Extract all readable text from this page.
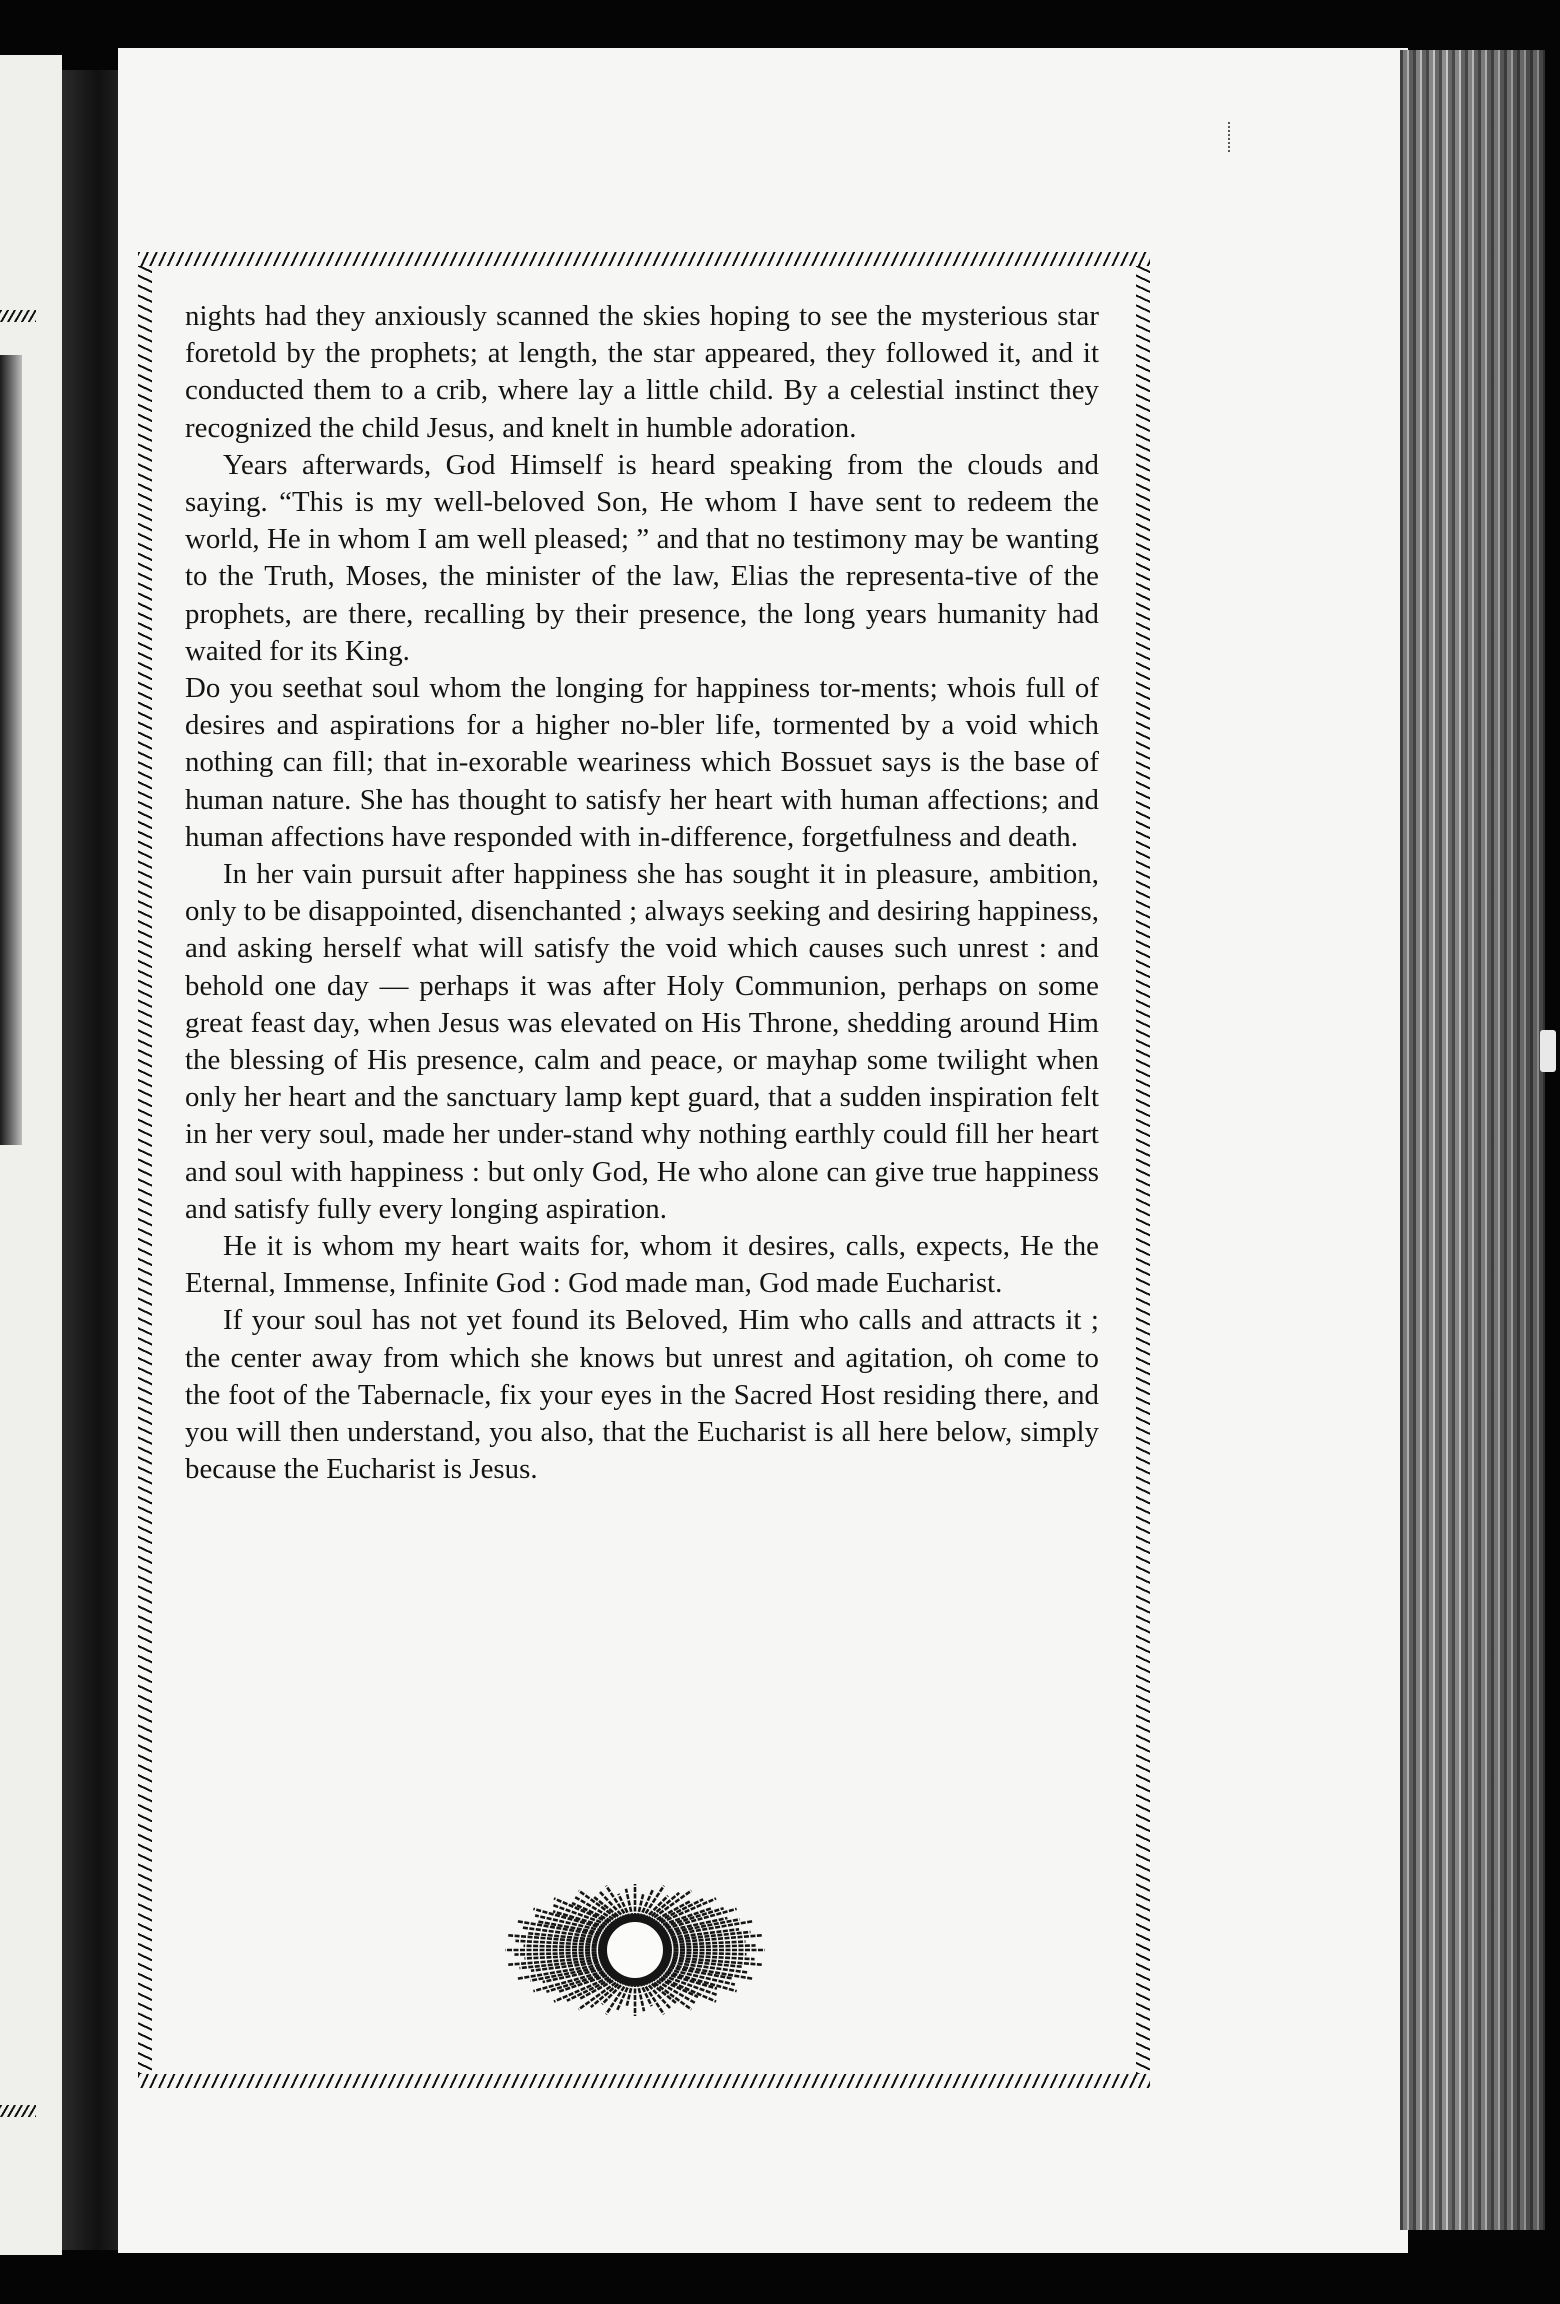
nights had they anxiously scanned the skies hoping to see the mysterious star foretold by the prophets; at length, the star appeared, they followed it, and it conducted them to a crib, where lay a little child. By a celestial instinct they recognized the child Jesus, and knelt in humble adoration.

Years afterwards, God Himself is heard speaking from the clouds and saying. “This is my well-beloved Son, He whom I have sent to redeem the world, He in whom I am well pleased; ” and that no testimony may be wanting to the Truth, Moses, the minister of the law, Elias the representa-tive of the prophets, are there, recalling by their presence, the long years humanity had waited for its King.

Do you seethat soul whom the longing for happiness tor-ments; whois full of desires and aspirations for a higher no-bler life, tormented by a void which nothing can fill; that in-exorable weariness which Bossuet says is the base of human nature. She has thought to satisfy her heart with human affections; and human affections have responded with in-difference, forgetfulness and death.

In her vain pursuit after happiness she has sought it in pleasure, ambition, only to be disappointed, disenchanted ; always seeking and desiring happiness, and asking herself what will satisfy the void which causes such unrest : and behold one day — perhaps it was after Holy Communion, perhaps on some great feast day, when Jesus was elevated on His Throne, shedding around Him the blessing of His presence, calm and peace, or mayhap some twilight when only her heart and the sanctuary lamp kept guard, that a sudden inspiration felt in her very soul, made her under-stand why nothing earthly could fill her heart and soul with happiness : but only God, He who alone can give true happiness and satisfy fully every longing aspiration.

He it is whom my heart waits for, whom it desires, calls, expects, He the Eternal, Immense, Infinite God : God made man, God made Eucharist.

If your soul has not yet found its Beloved, Him who calls and attracts it ; the center away from which she knows but unrest and agitation, oh come to the foot of the Tabernacle, fix your eyes in the Sacred Host residing there, and you will then understand, you also, that the Eucharist is all here below, simply because the Eucharist is Jesus.
